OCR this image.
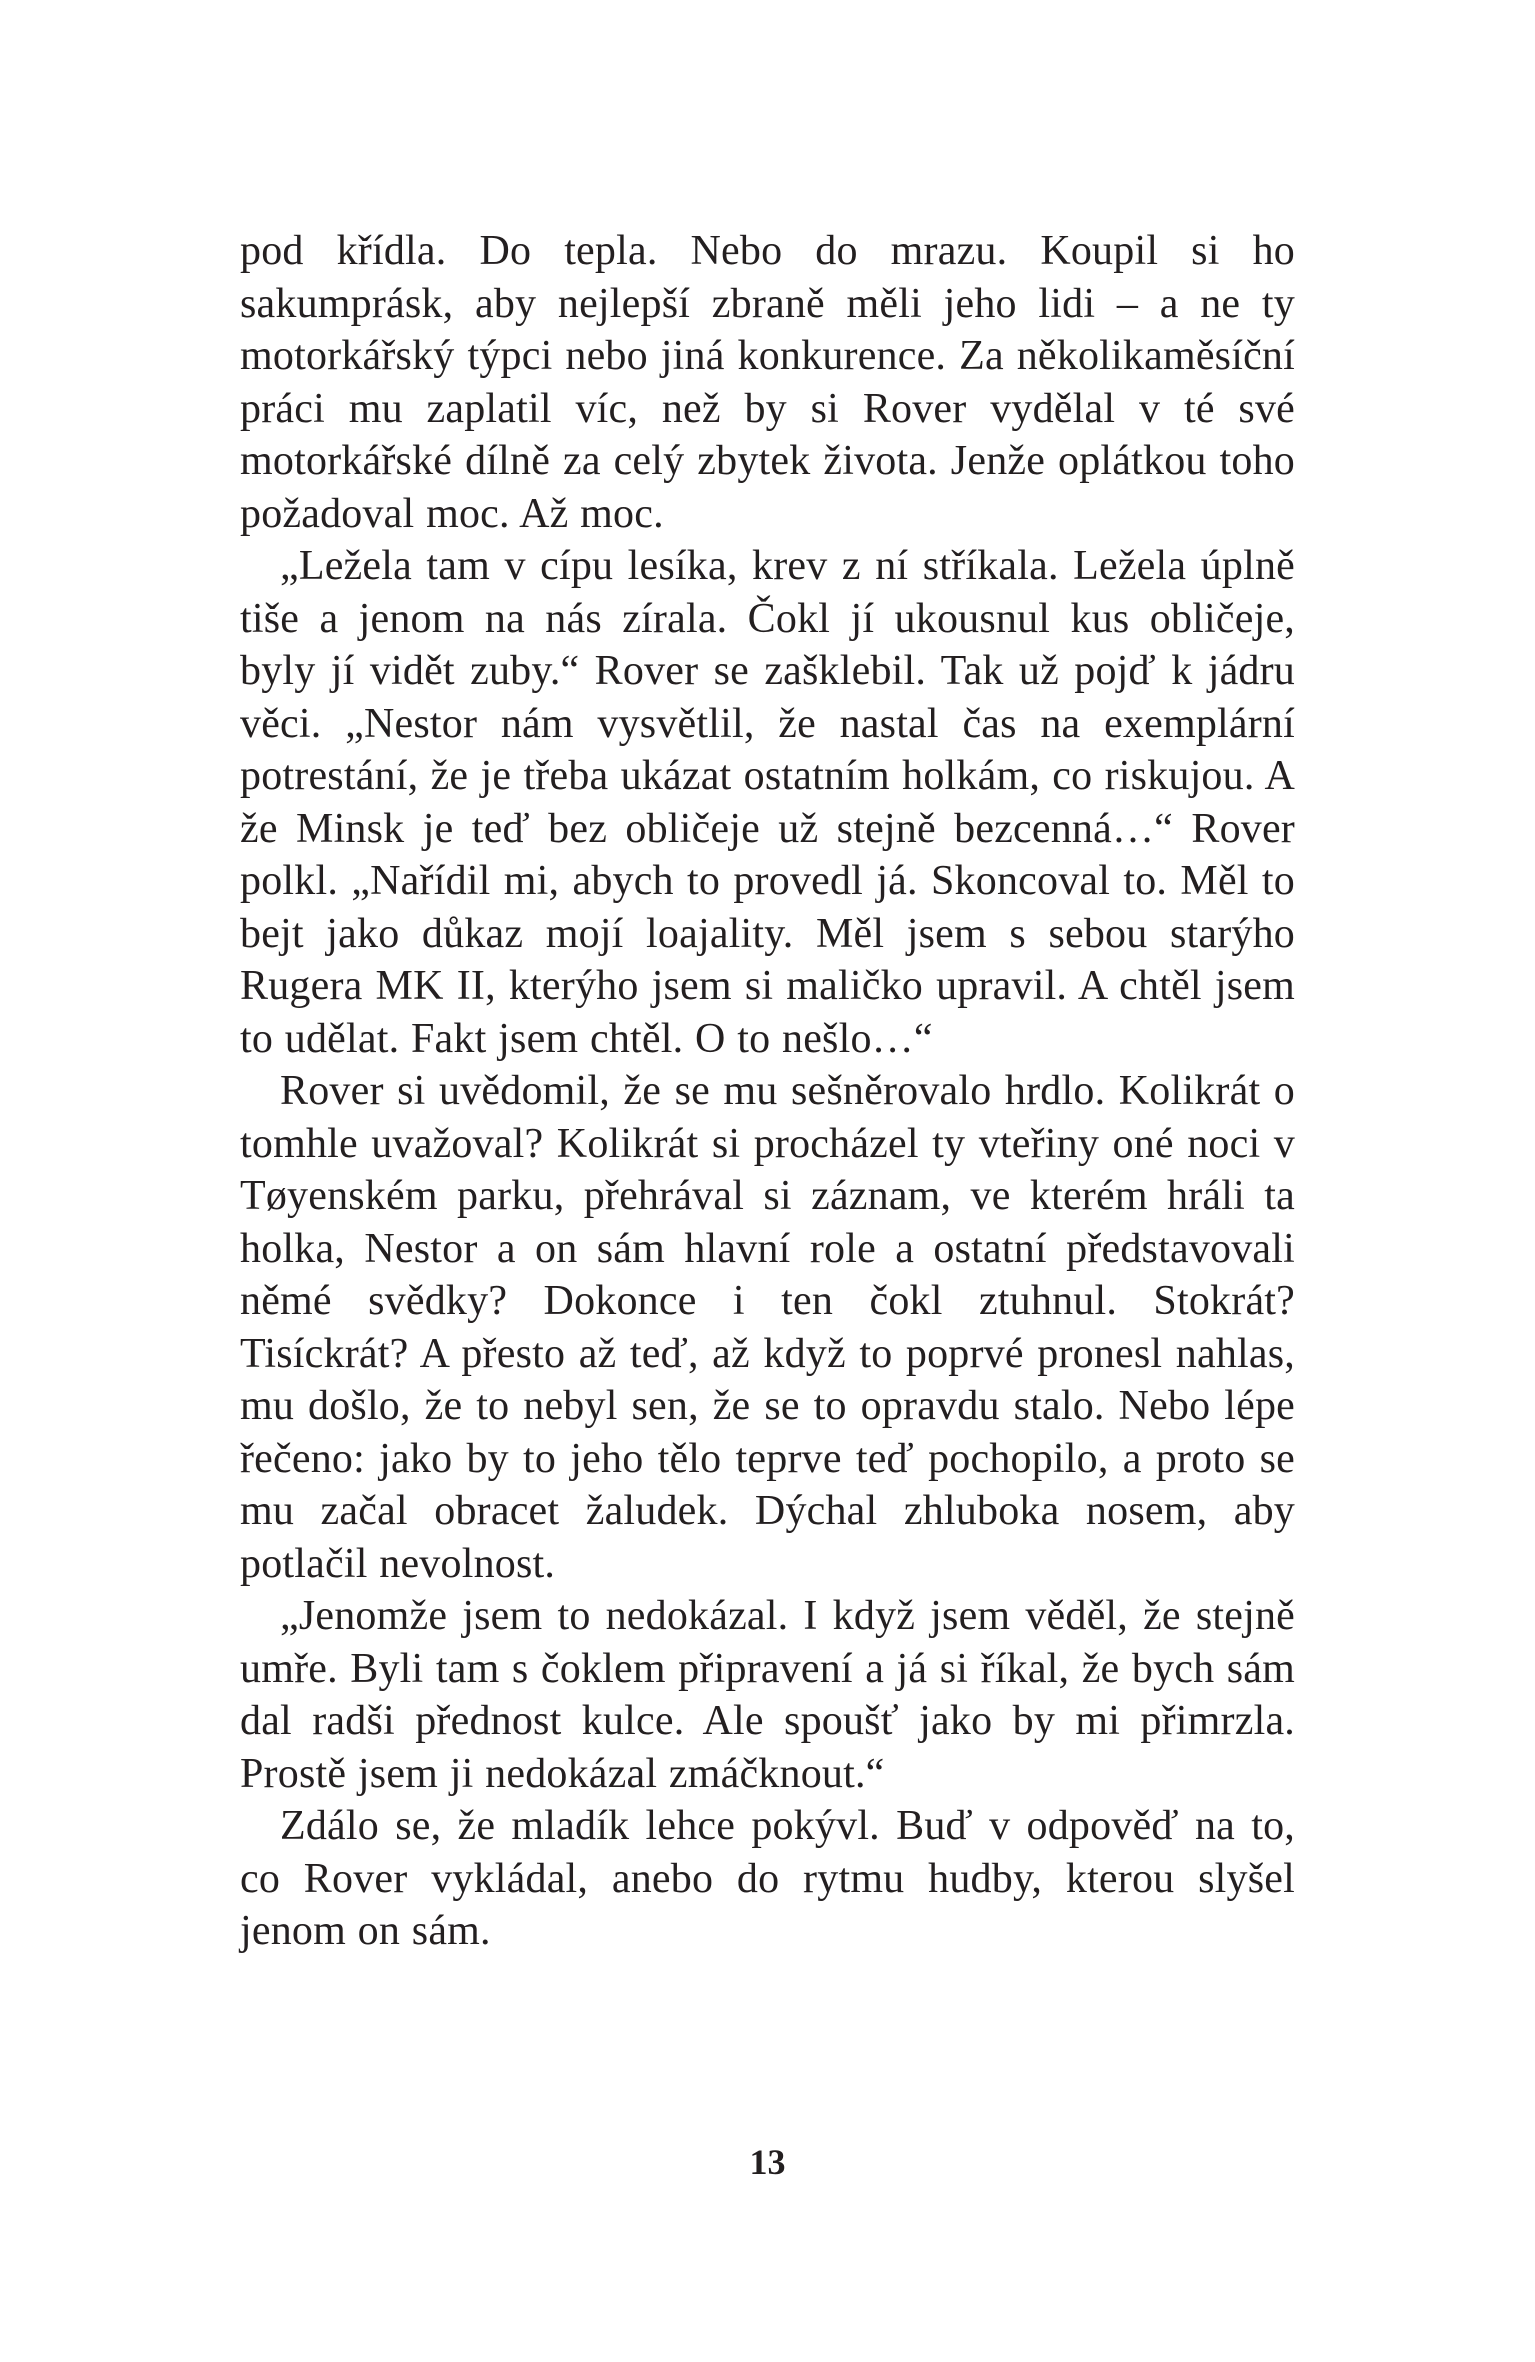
pod křídla. Do tepla. Nebo do mrazu. Koupil si ho sakumprásk, aby nejlepší zbraně měli jeho lidi – a ne ty motorkářský týpci nebo jiná konkurence. Za několikaměsíční práci mu zaplatil víc, než by si Rover vydělal v té své motorkářské dílně za celý zbytek života. Jenže oplátkou toho požadoval moc. Až moc.

„Ležela tam v cípu lesíka, krev z ní stříkala. Ležela úplně tiše a jenom na nás zírala. Čokl jí ukousnul kus obličeje, byly jí vidět zuby.“ Rover se zašklebil. Tak už pojď k jádru věci. „Nestor nám vysvětlil, že nastal čas na exemplární potrestání, že je třeba ukázat ostatním holkám, co riskujou. A že Minsk je teď bez obličeje už stejně bezcenná…“ Rover polkl. „Nařídil mi, abych to provedl já. Skoncoval to. Měl to bejt jako důkaz mojí loajality. Měl jsem s sebou starýho Rugera MK II, kterýho jsem si maličko upravil. A chtěl jsem to udělat. Fakt jsem chtěl. O to nešlo…“

Rover si uvědomil, že se mu sešněrovalo hrdlo. Kolikrát o tomhle uvažoval? Kolikrát si procházel ty vteřiny oné noci v Tøyenském parku, přehrával si záznam, ve kterém hráli ta holka, Nestor a on sám hlavní role a ostatní představovali němé svědky? Dokonce i ten čokl ztuhnul. Stokrát? Tisíckrát? A přesto až teď, až když to poprvé pronesl nahlas, mu došlo, že to nebyl sen, že se to opravdu stalo. Nebo lépe řečeno: jako by to jeho tělo teprve teď pochopilo, a proto se mu začal obracet žaludek. Dýchal zhluboka nosem, aby potlačil nevolnost.

„Jenomže jsem to nedokázal. I když jsem věděl, že stejně umře. Byli tam s čoklem připravení a já si říkal, že bych sám dal radši přednost kulce. Ale spoušť jako by mi přimrzla. Prostě jsem ji nedokázal zmáčknout.“

Zdálo se, že mladík lehce pokývl. Buď v odpověď na to, co Rover vykládal, anebo do rytmu hudby, kterou slyšel jenom on sám.

13
